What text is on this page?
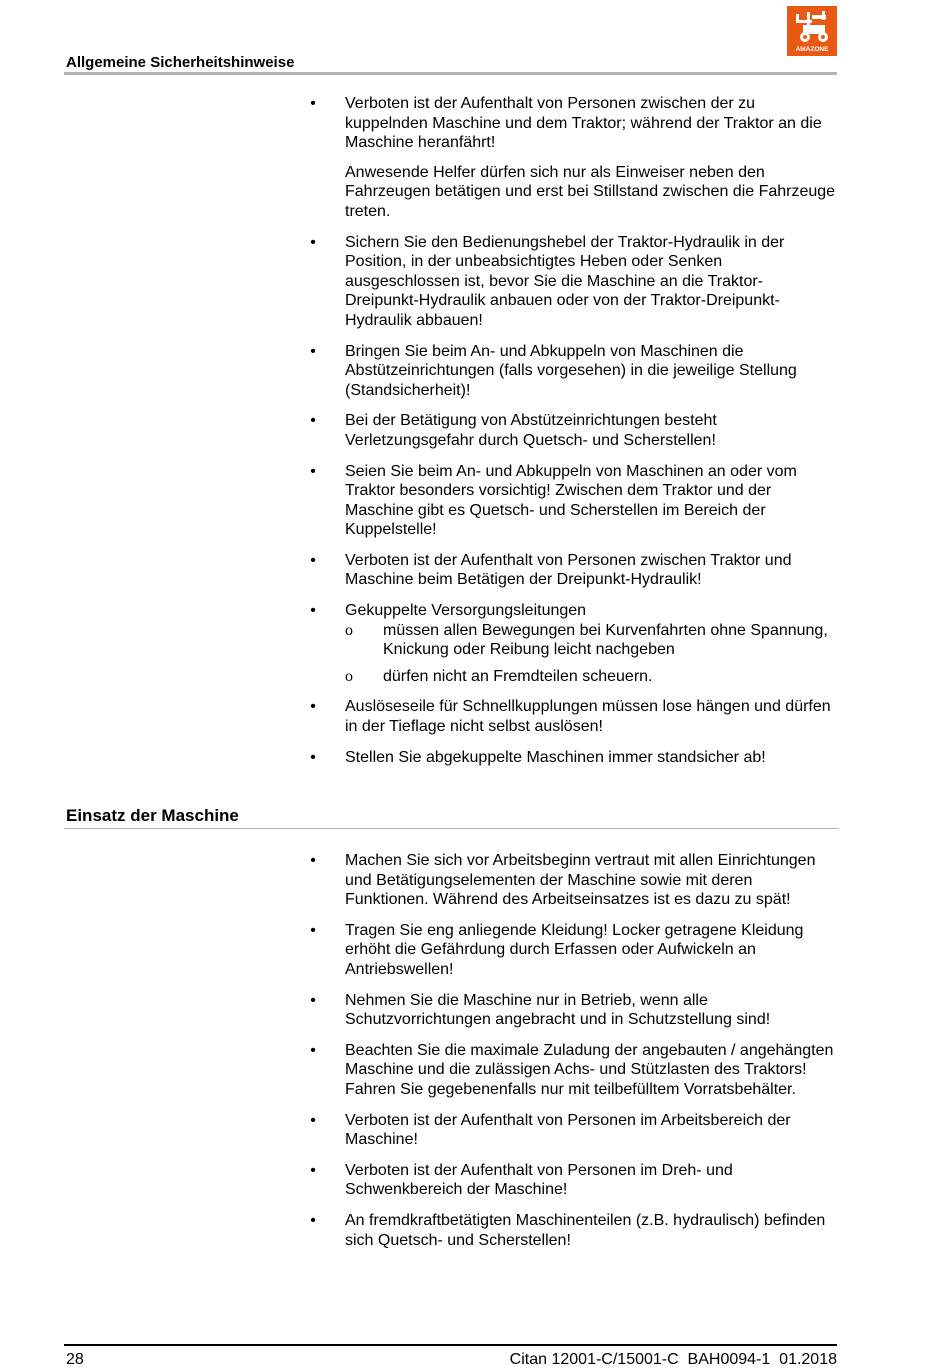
Allgemeine Sicherheitshinweise
AMAZONE
• Verboten ist der Aufenthalt von Personen zwischen der zu kuppelnden Maschine und dem Traktor; während der Traktor an die Maschine heranfährt!

Anwesende Helfer dürfen sich nur als Einweiser neben den Fahrzeugen betätigen und erst bei Stillstand zwischen die Fahrzeuge treten.

• Sichern Sie den Bedienungshebel der Traktor-Hydraulik in der Position, in der unbeabsichtigtes Heben oder Senken ausgeschlossen ist, bevor Sie die Maschine an die Traktor-Dreipunkt-Hydraulik anbauen oder von der Traktor-Dreipunkt-Hydraulik abbauen!

• Bringen Sie beim An- und Abkuppeln von Maschinen die Abstützeinrichtungen (falls vorgesehen) in die jeweilige Stellung (Standsicherheit)!

• Bei der Betätigung von Abstützeinrichtungen besteht Verletzungsgefahr durch Quetsch- und Scherstellen!

• Seien Sie beim An- und Abkuppeln von Maschinen an oder vom Traktor besonders vorsichtig! Zwischen dem Traktor und der Maschine gibt es Quetsch- und Scherstellen im Bereich der Kuppelstelle!

• Verboten ist der Aufenthalt von Personen zwischen Traktor und Maschine beim Betätigen der Dreipunkt-Hydraulik!

• Gekuppelte Versorgungsleitungen

ο müssen allen Bewegungen bei Kurvenfahrten ohne Spannung, Knickung oder Reibung leicht nachgeben
ο dürfen nicht an Fremdteilen scheuern.
• Auslöseseile für Schnellkupplungen müssen lose hängen und dürfen in der Tieflage nicht selbst auslösen!

• Stellen Sie abgekuppelte Maschinen immer standsicher ab!

Einsatz der Maschine
• Machen Sie sich vor Arbeitsbeginn vertraut mit allen Einrichtungen und Betätigungselementen der Maschine sowie mit deren Funktionen. Während des Arbeitseinsatzes ist es dazu zu spät!

• Tragen Sie eng anliegende Kleidung! Locker getragene Kleidung erhöht die Gefährdung durch Erfassen oder Aufwickeln an Antriebswellen!

• Nehmen Sie die Maschine nur in Betrieb, wenn alle Schutzvorrichtungen angebracht und in Schutzstellung sind!

• Beachten Sie die maximale Zuladung der angebauten / angehängten Maschine und die zulässigen Achs- und Stützlasten des Traktors! Fahren Sie gegebenenfalls nur mit teilbefülltem Vorratsbehälter.

• Verboten ist der Aufenthalt von Personen im Arbeitsbereich der Maschine!

• Verboten ist der Aufenthalt von Personen im Dreh- und Schwenkbereich der Maschine!

• An fremdkraftbetätigten Maschinenteilen (z.B. hydraulisch) befinden sich Quetsch- und Scherstellen!

28	Citan 12001-C/15001-C  BAH0094-1  01.2018
